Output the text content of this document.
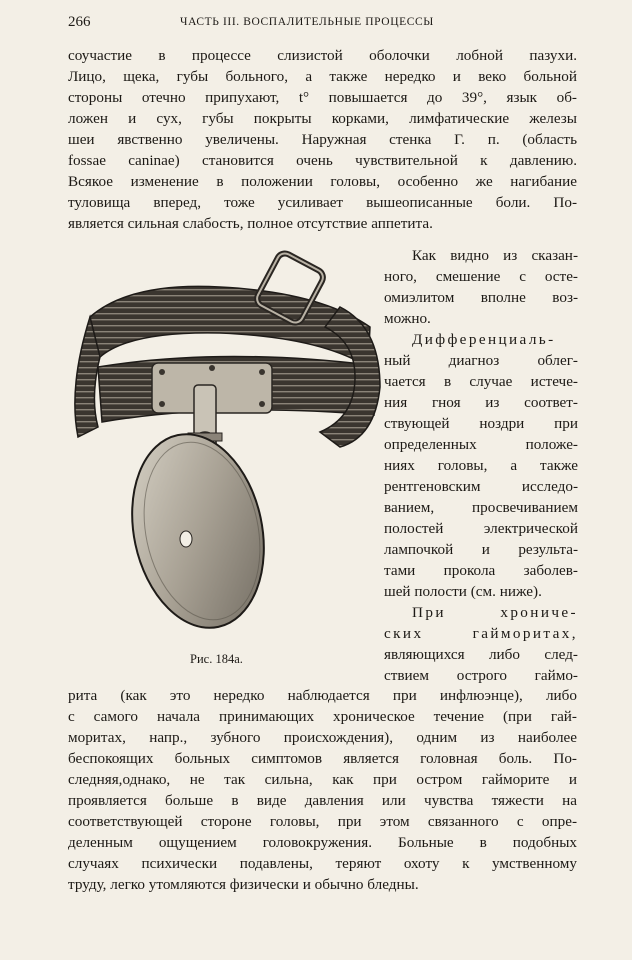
266	ЧАСТЬ III. ВОСПАЛИТЕЛЬНЫЕ ПРОЦЕССЫ
соучастие в процессе слизистой оболочки лобной пазухи.
Лицо, щека, губы больного, а также нередко и веко больной
стороны отечно припухают, t° повышается до 39°, язык об-
ложен и сух, губы покрыты корками, лимфатические железы
шеи явственно увеличены. Наружная стенка Г. п. (область
fossae caninae) становится очень чувствительной к давлению.
Всякое изменение в положении головы, особенно же нагибание
туловища вперед, тоже усиливает вышеописанные боли. По-
является сильная слабость, полное отсутствие аппетита.
Рис. 184а.
Как видно из сказан-
ного, смешение с осте-
омиэлитом вполне воз-
можно.
Дифференциаль-
ный диагноз облег-
чается в случае истече-
ния гноя из соответ-
ствующей ноздри при
определенных положе-
ниях головы, а также
рентгеновским исследо-
ванием, просвечиванием
полостей электрической
лампочкой и результа-
тами прокола заболев-
шей полости (см. ниже).
При хрониче-
ских гайморитах,
являющихся либо след-
ствием острого гаймо-
рита (как это нередко наблюдается при инфлюэнце), либо
с самого начала принимающих хроническое течение (при гай-
моритах, напр., зубного происхождения), одним из наиболее
беспокоящих больных симптомов является головная боль. По-
следняя,однако, не так сильна, как при остром гайморите и
проявляется больше в виде давления или чувства тяжести на
соответствующей стороне головы, при этом связанного с опре-
деленным ощущением головокружения. Больные в подобных
случаях психически подавлены, теряют охоту к умственному
труду, легко утомляются физически и обычно бледны.
